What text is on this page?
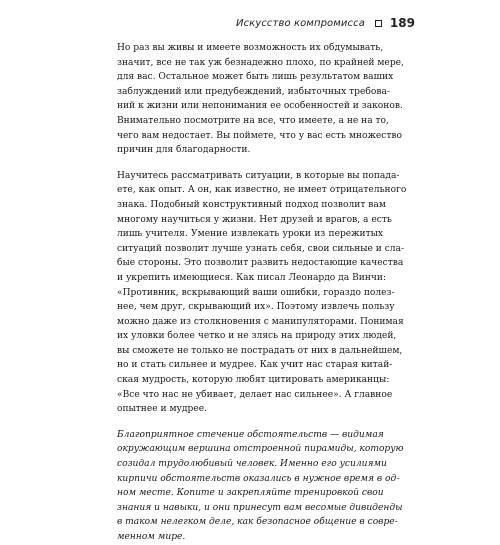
Искусство компромисса 189
Но раз вы живы и имеете возможность их обдумывать,
значит, все не так уж безнадежно плохо, по крайней мере,
для вас. Остальное может быть лишь результатом ваших
заблуждений или предубеждений, избыточных требова-
ний к жизни или непонимания ее особенностей и законов.
Внимательно посмотрите на все, что имеете, а не на то,
чего вам недостает. Вы поймете, что у вас есть множество
причин для благодарности.
Научитесь рассматривать ситуации, в которые вы попада-
ете, как опыт. А он, как известно, не имеет отрицательного
знака. Подобный конструктивный подход позволит вам
многому научиться у жизни. Нет друзей и врагов, а есть
лишь учителя. Умение извлекать уроки из пережитых
ситуаций позволит лучше узнать себя, свои сильные и сла-
бые стороны. Это позволит развить недостающие качества
и укрепить имеющиеся. Как писал Леонардо да Винчи:
«Противник, вскрывающий ваши ошибки, гораздо полез-
нее, чем друг, скрывающий их». Поэтому извлечь пользу
можно даже из столкновения с манипуляторами. Понимая
их уловки более четко и не злясь на природу этих людей,
вы сможете не только не пострадать от них в дальнейшем,
но и стать сильнее и мудрее. Как учит нас старая китай-
ская мудрость, которую любят цитировать американцы:
«Все что нас не убивает, делает нас сильнее». А главное
опытнее и мудрее.
Благоприятное стечение обстоятельств — видимая
окружающим вершина отстроенной пирамиды, которую
созидал трудолюбивый человек. Именно его усилиями
кирпичи обстоятельств оказались в нужное время в од-
ном месте. Копите и закрепляйте тренировкой свои
знания и навыки, и они принесут вам весомые дивиденды
в таком нелегком деле, как безопасное общение в совре-
менном мире.
